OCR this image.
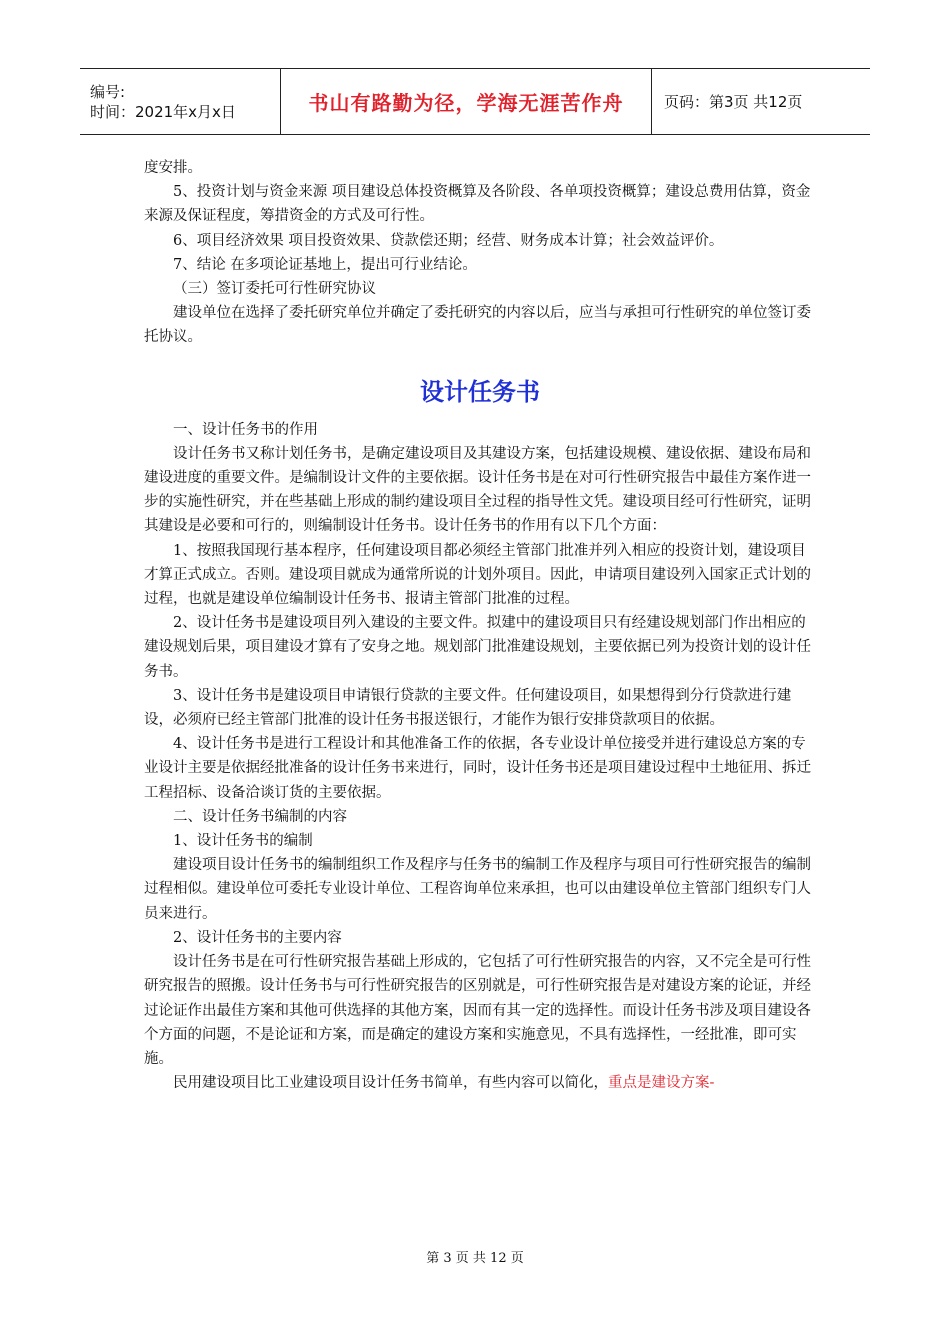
编号:
时间：2021年x月x日	书山有路勤为径，学海无涯苦作舟	页码：第3页 共12页

度安排。

5、投资计划与资金来源 项目建设总体投资概算及各阶段、各单项投资概算；建设总费用估算，资金来源及保证程度，筹措资金的方式及可行性。

6、项目经济效果 项目投资效果、贷款偿还期；经营、财务成本计算；社会效益评价。

7、结论 在多项论证基地上，提出可行业结论。

（三）签订委托可行性研究协议

建设单位在选择了委托研究单位并确定了委托研究的内容以后，应当与承担可行性研究的单位签订委托协议。

设计任务书

一、设计任务书的作用

设计任务书又称计划任务书，是确定建设项目及其建设方案，包括建设规模、建设依据、建设布局和建设进度的重要文件。是编制设计文件的主要依据。设计任务书是在对可行性研究报告中最佳方案作进一步的实施性研究，并在些基础上形成的制约建设项目全过程的指导性文凭。建设项目经可行性研究，证明其建设是必要和可行的，则编制设计任务书。设计任务书的作用有以下几个方面：

1、按照我国现行基本程序，任何建设项目都必须经主管部门批准并列入相应的投资计划，建设项目才算正式成立。否则。建设项目就成为通常所说的计划外项目。因此，申请项目建设列入国家正式计划的过程，也就是建设单位编制设计任务书、报请主管部门批准的过程。

2、设计任务书是建设项目列入建设的主要文件。拟建中的建设项目只有经建设规划部门作出相应的建设规划后果，项目建设才算有了安身之地。规划部门批准建设规划，主要依据已列为投资计划的设计任务书。

3、设计任务书是建设项目申请银行贷款的主要文件。任何建设项目，如果想得到分行贷款进行建设，必须府已经主管部门批准的设计任务书报送银行，才能作为银行安排贷款项目的依据。

4、设计任务书是进行工程设计和其他准备工作的依据，各专业设计单位接受并进行建设总方案的专业设计主要是依据经批准备的设计任务书来进行，同时，设计任务书还是项目建设过程中土地征用、拆迁工程招标、设备洽谈订货的主要依据。

二、设计任务书编制的内容

1、设计任务书的编制

建设项目设计任务书的编制组织工作及程序与任务书的编制工作及程序与项目可行性研究报告的编制过程相似。建设单位可委托专业设计单位、工程咨询单位来承担，也可以由建设单位主管部门组织专门人员来进行。

2、设计任务书的主要内容

设计任务书是在可行性研究报告基础上形成的，它包括了可行性研究报告的内容，又不完全是可行性研究报告的照搬。设计任务书与可行性研究报告的区别就是，可行性研究报告是对建设方案的论证，并经过论证作出最佳方案和其他可供选择的其他方案，因而有其一定的选择性。而设计任务书涉及项目建设各个方面的问题，不是论证和方案，而是确定的建设方案和实施意见，不具有选择性，一经批准，即可实施。

民用建设项目比工业建设项目设计任务书简单，有些内容可以简化，重点是建设方案-

第 3 页 共 12 页
